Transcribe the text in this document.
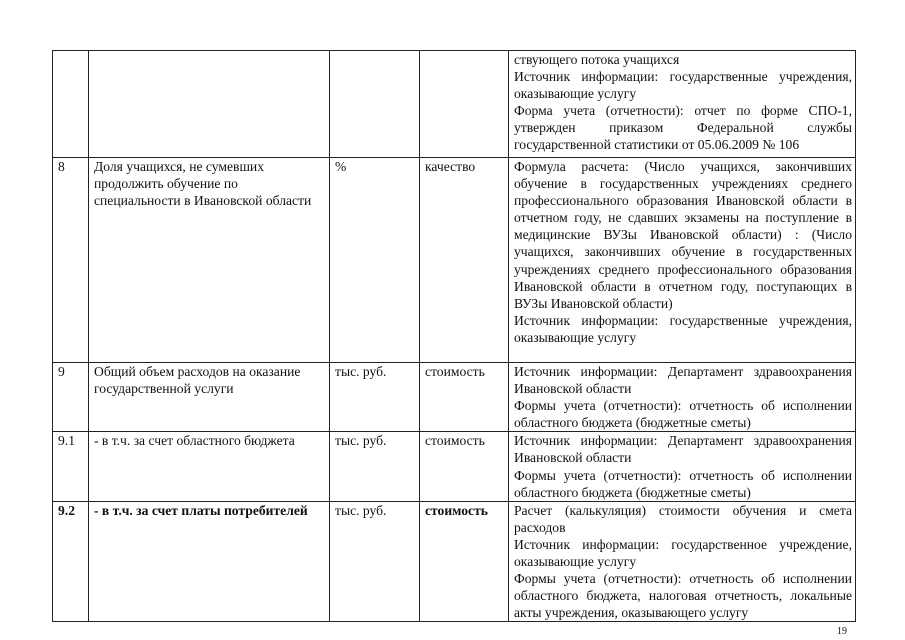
				ствующего потока учащихся

Источник информации: государственные учреждения, оказывающие услугу

Форма учета (отчетности): отчет по форме СПО-1, утвержден приказом Федеральной службы государственной статистики от 05.06.2009 № 106

8	Доля учащихся, не сумевших продолжить обучение по специальности в Ивановской области	%	качество	Формула расчета: (Число учащихся, закончивших обучение в государственных учреждениях среднего профессионального образования Ивановской области в отчетном году, не сдавших экзамены на поступление в медицинские ВУЗы Ивановской области) : (Число учащихся, закончивших обучение в государственных учреждениях среднего профессионального образования Ивановской области в отчетном году, поступающих в ВУЗы Ивановской области)

Источник информации: государственные учреждения, оказывающие услугу

9	Общий объем расходов на оказание государственной услуги	тыс. руб.	стоимость	Источник информации: Департамент здравоохранения Ивановской области

Формы учета (отчетности): отчетность об исполнении областного бюджета (бюджетные сметы)

9.1	- в т.ч. за счет областного бюджета	тыс. руб.	стоимость	Источник информации: Департамент здравоохранения Ивановской области

Формы учета (отчетности): отчетность об исполнении областного бюджета (бюджетные сметы)

9.2	- в т.ч. за счет платы потребителей	тыс. руб.	стоимость	Расчет (калькуляция) стоимости обучения и смета расходов

Источник информации: государственное учреждение, оказывающие услугу

Формы учета (отчетности): отчетность об исполнении областного бюджета, налоговая отчетность, локальные акты учреждения, оказывающего услугу

19
